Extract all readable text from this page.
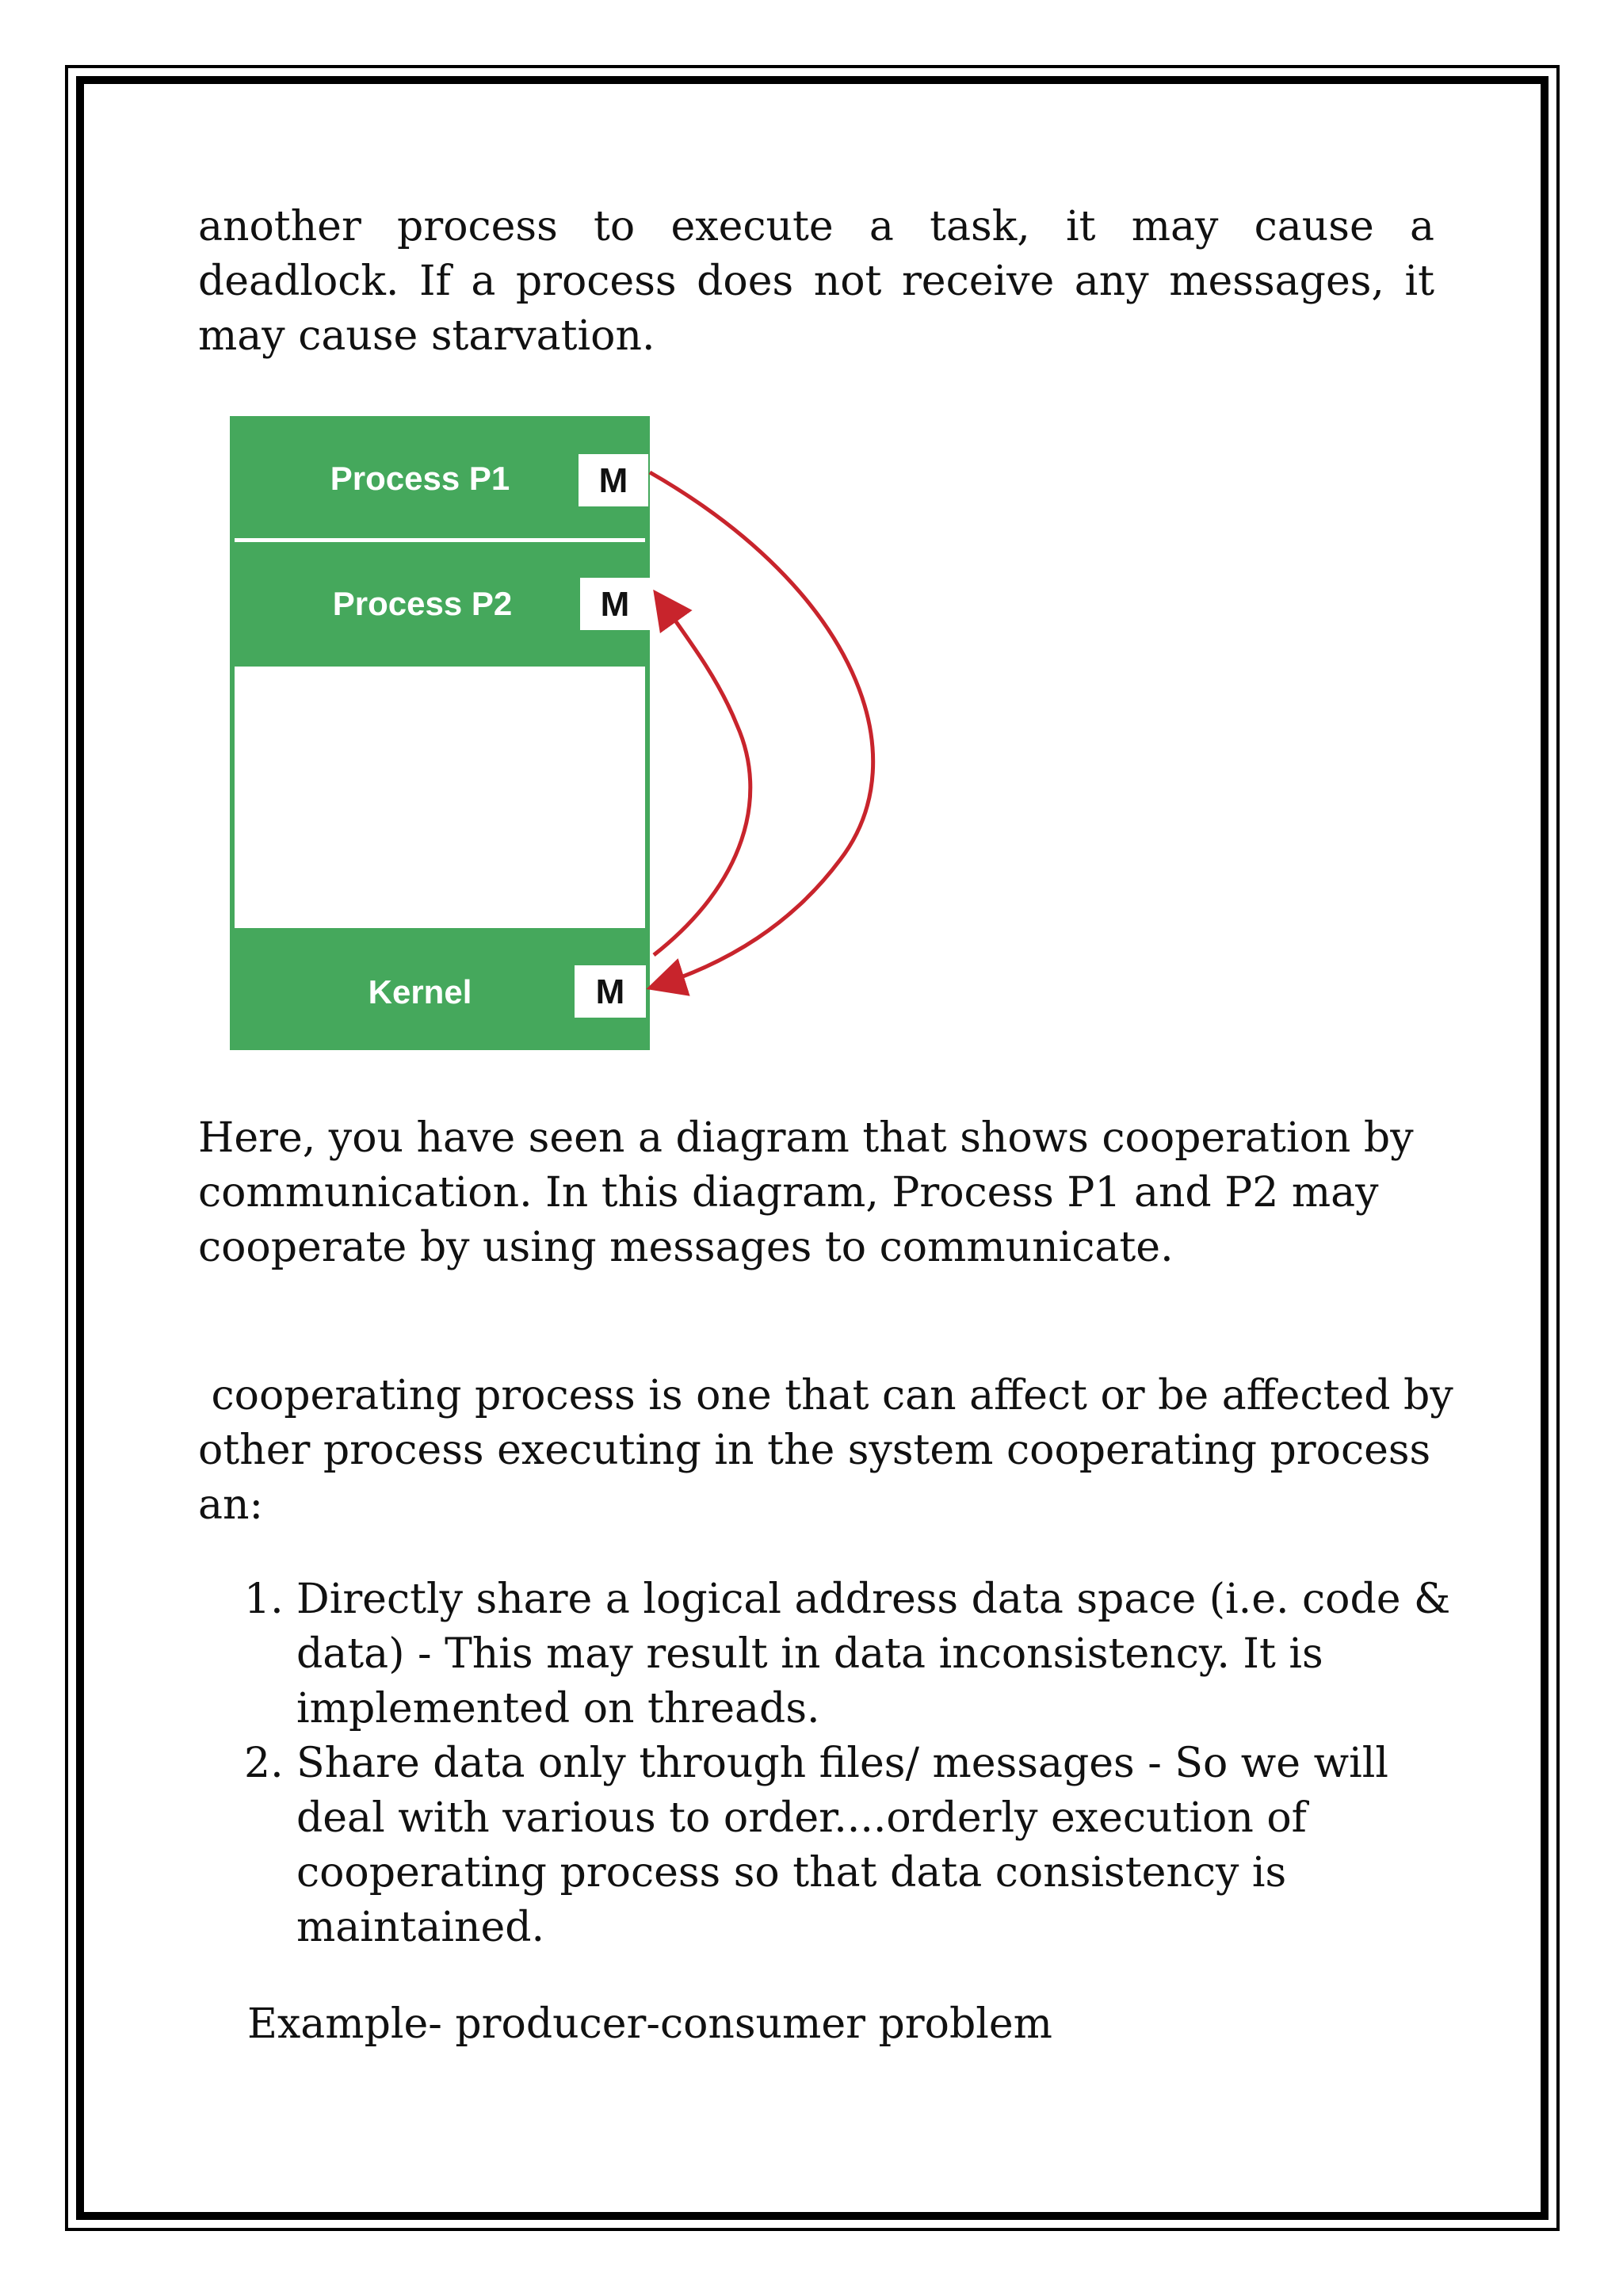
another process to execute a task, it may cause a
deadlock. If a process does not receive any messages, it
may cause starvation.

Process P1	M
Process P2	M
Kernel	M

Here, you have seen a diagram that shows cooperation by communication. In this diagram, Process P1 and P2 may cooperate by using messages to communicate.

cooperating process is one that can affect or be affected by other process executing in the system cooperating process an:

1. Directly share a logical address data space (i.e. code & data) - This may result in data inconsistency. It is implemented on threads.
2. Share data only through files/ messages - So we will deal with various to order....orderly execution of cooperating process so that data consistency is maintained.

Example- producer-consumer problem
